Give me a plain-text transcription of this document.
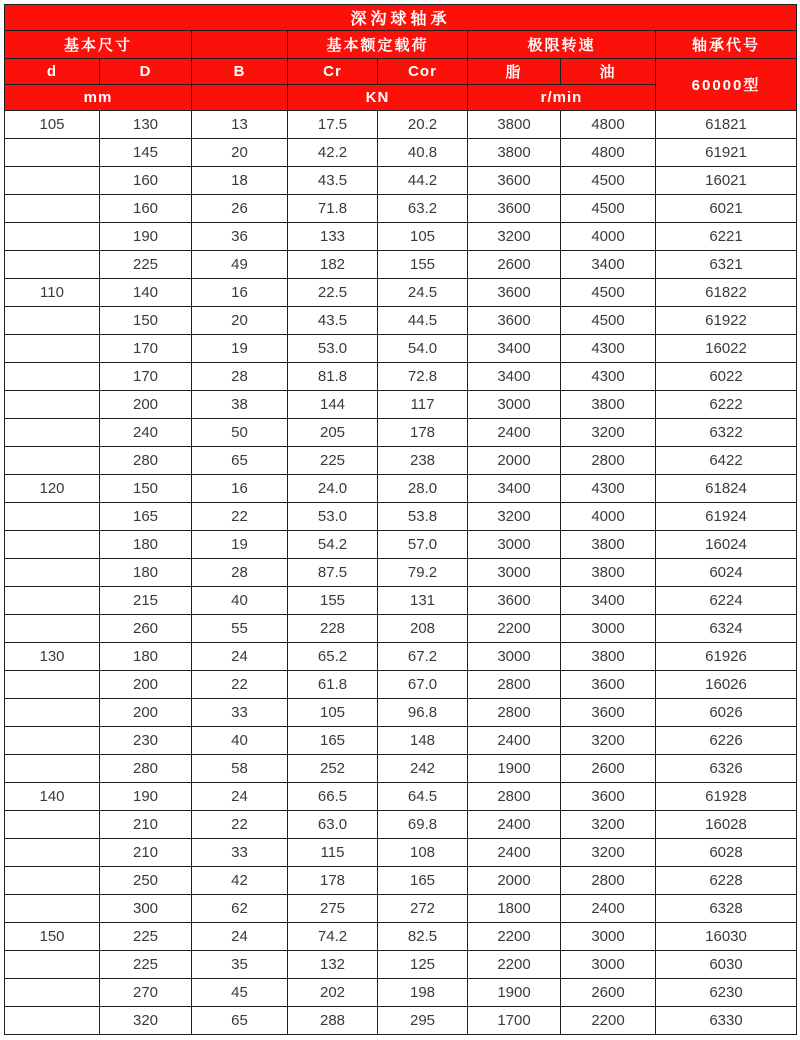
深沟球轴承							
基本尺寸			基本额定载荷		极限转速		轴承代号
d	D	B	Cr	Cor	脂	油	60000型
mm			KN		r/min		
105	130	13	17.5	20.2	3800	4800	61821
	145	20	42.2	40.8	3800	4800	61921
	160	18	43.5	44.2	3600	4500	16021
	160	26	71.8	63.2	3600	4500	6021
	190	36	133	105	3200	4000	6221
	225	49	182	155	2600	3400	6321
110	140	16	22.5	24.5	3600	4500	61822
	150	20	43.5	44.5	3600	4500	61922
	170	19	53.0	54.0	3400	4300	16022
	170	28	81.8	72.8	3400	4300	6022
	200	38	144	117	3000	3800	6222
	240	50	205	178	2400	3200	6322
	280	65	225	238	2000	2800	6422
120	150	16	24.0	28.0	3400	4300	61824
	165	22	53.0	53.8	3200	4000	61924
	180	19	54.2	57.0	3000	3800	16024
	180	28	87.5	79.2	3000	3800	6024
	215	40	155	131	3600	3400	6224
	260	55	228	208	2200	3000	6324
130	180	24	65.2	67.2	3000	3800	61926
	200	22	61.8	67.0	2800	3600	16026
	200	33	105	96.8	2800	3600	6026
	230	40	165	148	2400	3200	6226
	280	58	252	242	1900	2600	6326
140	190	24	66.5	64.5	2800	3600	61928
	210	22	63.0	69.8	2400	3200	16028
	210	33	115	108	2400	3200	6028
	250	42	178	165	2000	2800	6228
	300	62	275	272	1800	2400	6328
150	225	24	74.2	82.5	2200	3000	16030
	225	35	132	125	2200	3000	6030
	270	45	202	198	1900	2600	6230
	320	65	288	295	1700	2200	6330
